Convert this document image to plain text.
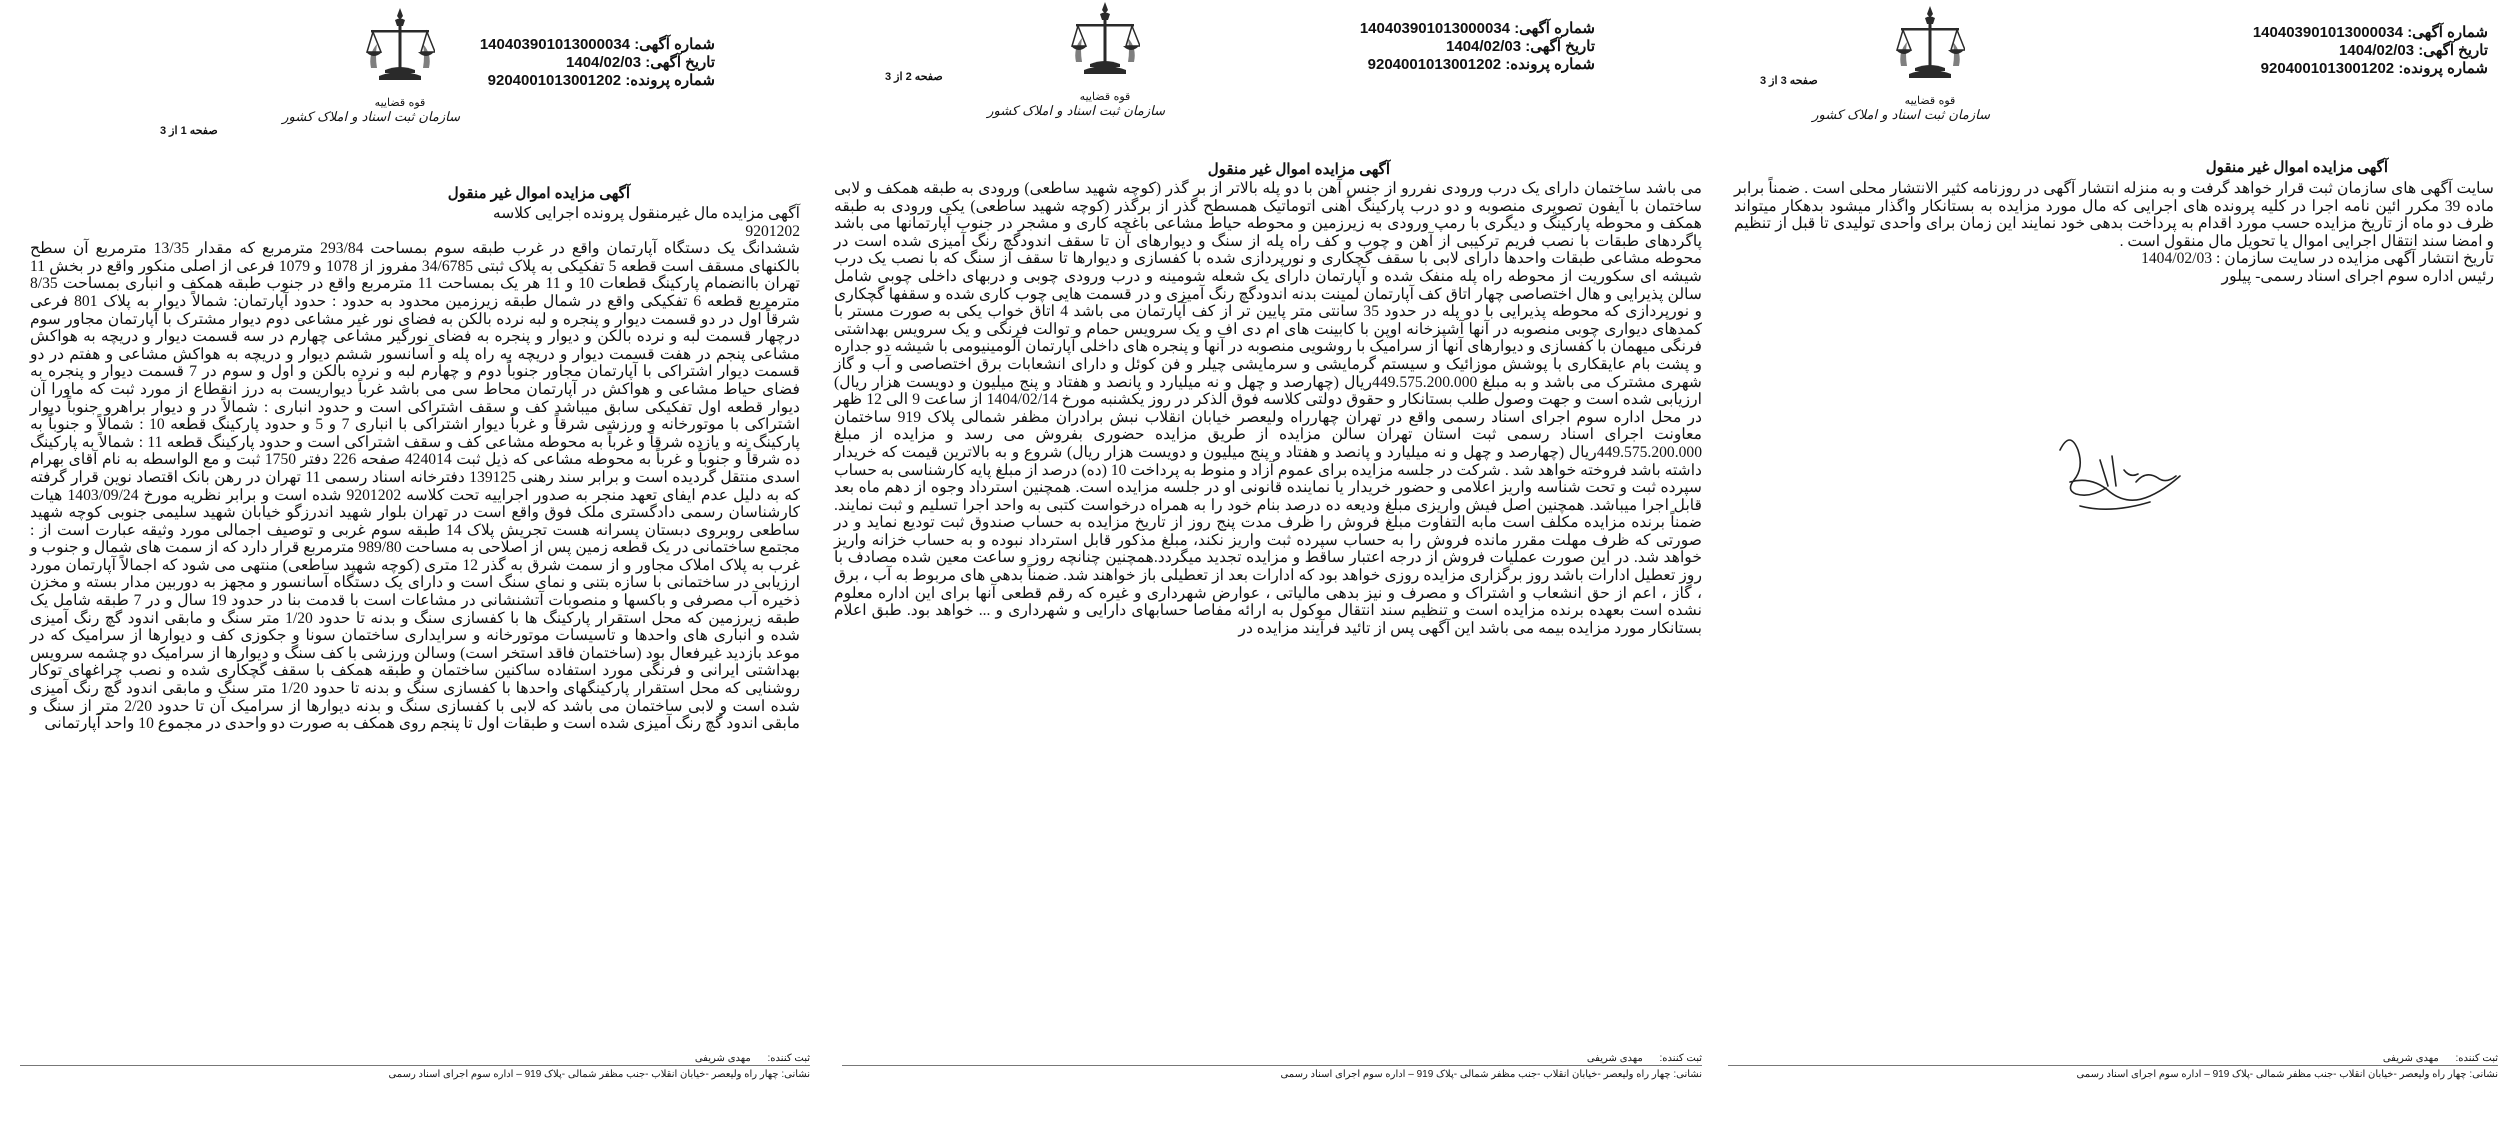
شماره آگهی: 140403901013000034
تاریخ آگهی: 1404/02/03
شماره پرونده: 9204001013001202
صفحه 1 از 3
قوه قضاییه
سازمان ثبت اسناد و املاک کشور
آگهی مزایده اموال غیر منقول

آگهی مزایده مال غیرمنقول پرونده اجرایی کلاسه

9201202

ششدانگ یک دستگاه آپارتمان واقع در غرب طبقه سوم بمساحت 293/84 مترمربع که مقدار 13/35 مترمربع آن سطح بالکنهای مسقف است قطعه 5 تفکیکی به پلاک ثبتی 34/6785 مفروز از 1078 و 1079 فرعی از اصلی منکور واقع در بخش 11 تهران باانضمام پارکینگ قطعات 10 و 11 هر یک بمساحت 11 مترمربع واقع در جنوب طبقه همکف و انباری بمساحت 8/35 مترمربع قطعه 6 تفکیکی واقع در شمال طبقه زیرزمین محدود به حدود : حدود آپارتمان: شمالاً دیوار به پلاک 801 فرعی شرقاً اول در دو قسمت دیوار و پنجره و لبه نرده بالکن به فضای نور غیر مشاعی دوم دیوار مشترک با آپارتمان مجاور سوم درچهار قسمت لبه و نرده بالکن و دیوار و پنجره به فضای نورگیر مشاعی چهارم در سه قسمت دیوار و دریچه به هواکش مشاعی پنجم در هفت قسمت دیوار و دریچه به راه پله و آسانسور ششم دیوار و دریچه به هواکش مشاعی و هفتم در دو قسمت دیوار اشتراکی با آپارتمان مجاور جنوباً دوم و چهارم لبه و نرده بالکن و اول و سوم در 7 قسمت دیوار و پنجره به فضای حیاط مشاعی و هواکش در آپارتمان محاط سی می باشد غرباً دیواریست به درز انقطاع از مورد ثبت که ماورا آن دیوار قطعه اول تفکیکی سابق میباشد کف و سقف اشتراکی است و حدود انباری : شمالاً در و دیوار براهرو جنوباً دیوار اشتراکی با موتورخانه و ورزشی شرقاً و غرباً دیوار اشتراکی با انباری 7 و 5 و حدود پارکینگ قطعه 10 : شمالاً و جنوباً به پارکینگ نه و یازده شرقاً و غرباً به محوطه مشاعی کف و سقف اشتراکی است و حدود پارکینگ قطعه 11 : شمالاً به پارکینگ ده شرقاً و جنوباً و غرباً به محوطه مشاعی که ذیل ثبت 424014 صفحه 226 دفتر 1750 ثبت و مع الواسطه به نام آقای بهرام اسدی منتقل گردیده است و برابر سند رهنی 139125 دفترخانه اسناد رسمی 11 تهران در رهن بانک اقتصاد نوین قرار گرفته که به دلیل عدم ایفای تعهد منجر به صدور اجراییه تحت کلاسه 9201202 شده است و برابر نظریه مورخ 1403/09/24 هیات کارشناسان رسمی دادگستری ملک فوق واقع است در تهران بلوار شهید اندرزگو خیابان شهید سلیمی جنوبی کوچه شهید ساطعی روبروی دبستان پسرانه هست تجریش پلاک 14 طبقه سوم غربی و توصیف اجمالی مورد وثیقه عبارت است از : مجتمع ساختمانی در یک قطعه زمین پس از اصلاحی به مساحت 989/80 مترمربع قرار دارد که از سمت های شمال و جنوب و غرب به پلاک املاک مجاور و از سمت شرق به گذر 12 متری (کوچه شهید ساطعی) منتهی می شود که اجمالاً آپارتمان مورد ارزیابی در ساختمانی با سازه بتنی و نمای سنگ است و دارای یک دستگاه آسانسور و مجهز به دوربین مدار بسته و مخزن ذخیره آب مصرفی و باکسها و منصوبات آتشنشانی در مشاعات است با قدمت بنا در حدود 19 سال و در 7 طبقه شامل یک طبقه زیرزمین که محل استقرار پارکینگ ها با کفسازی سنگ و بدنه تا حدود 1/20 متر سنگ و مابقی اندود گچ رنگ آمیزی شده و انباری های واحدها و تاسیسات موتورخانه و سرایداری ساختمان سونا و جکوزی کف و دیوارها از سرامیک که در موعد بازدید غیرفعال بود (ساختمان فاقد استخر است) وسالن ورزشی با کف سنگ و دیوارها از سرامیک دو چشمه سرویس بهداشتی ایرانی و فرنگی مورد استفاده ساکنین ساختمان و طبقه همکف با سقف گچکاری شده و نصب چراغهای توکار روشنایی که محل استقرار پارکینگهای واحدها با کفسازی سنگ و بدنه تا حدود 1/20 متر سنگ و مابقی اندود گچ رنگ آمیزی شده است و لابی ساختمان می باشد که لابی با کفسازی سنگ و بدنه دیوارها از سرامیک آن تا حدود 2/20 متر از سنگ و مابقی اندود گچ رنگ آمیزی شده است و طبقات اول تا پنجم روی همکف به صورت دو واحدی در مجموع 10 واحد آپارتمانی

ثبت کننده: مهدی شریفی
نشانی: چهار راه ولیعصر -خیابان انقلاب -جنب مظفر شمالی -پلاک 919 – اداره سوم اجرای اسناد رسمی
شماره آگهی: 140403901013000034
تاریخ آگهی: 1404/02/03
شماره پرونده: 9204001013001202
صفحه 2 از 3
قوه قضاییه
سازمان ثبت اسناد و املاک کشور
آگهی مزایده اموال غیر منقول

می باشد ساختمان دارای یک درب ورودی نفررو از جنس آهن با دو پله بالاتر از بر گذر (کوچه شهید ساطعی) ورودی به طبقه همکف و لابی ساختمان با آیفون تصویری منصوبه و دو درب پارکینگ آهنی اتوماتیک همسطح گذر از برگذر (کوچه شهید ساطعی) یکی ورودی به طبقه همکف و محوطه پارکینگ و دیگری با رمپ ورودی به زیرزمین و محوطه حیاط مشاعی باغچه کاری و مشجر در جنوب آپارتمانها می باشد پاگردهای طبقات با نصب فریم ترکیبی از آهن و چوب و کف راه پله از سنگ و دیوارهای آن تا سقف اندودگچ رنگ آمیزی شده است در محوطه مشاعی طبقات واحدها دارای لابی با سقف گچکاری و نورپردازی شده با کفسازی و دیوارها تا سقف از سنگ که با نصب یک درب شیشه ای سکوریت از محوطه راه پله منفک شده و آپارتمان دارای یک شعله شومینه و درب ورودی چوبی و دربهای داخلی چوبی شامل سالن پذیرایی و هال اختصاصی چهار اتاق کف آپارتمان لمینت بدنه اندودگچ رنگ آمیزی و در قسمت هایی چوب کاری شده و سقفها گچکاری و نورپردازی که محوطه پذیرایی با دو پله در حدود 35 سانتی متر پایین تر از کف آپارتمان می باشد 4 اتاق خواب یکی به صورت مستر با کمدهای دیواری چوبی منصوبه در آنها آشپزخانه اوپن با کابینت های ام دی اف و یک سرویس حمام و توالت فرنگی و یک سرویس بهداشتی فرنگی میهمان با کفسازی و دیوارهای آنها از سرامیک با روشویی منصوبه در آنها و پنجره های داخلی آپارتمان آلومینیومی با شیشه دو جداره و پشت بام عایقکاری با پوشش موزائیک و سیستم گرمایشی و سرمایشی چیلر و فن کوئل و دارای انشعابات برق اختصاصی و آب و گاز شهری مشترک می باشد و به مبلغ 449.575.200.000ریال (چهارصد و چهل و نه میلیارد و پانصد و هفتاد و پنج میلیون و دویست هزار ریال) ارزیابی شده است و جهت وصول طلب بستانکار و حقوق دولتی کلاسه فوق الذکر در روز یکشنبه مورخ 1404/02/14 از ساعت 9 الی 12 ظهر در محل اداره سوم اجرای اسناد رسمی واقع در تهران چهارراه ولیعصر خیابان انقلاب نبش برادران مظفر شمالی پلاک 919 ساختمان معاونت اجرای اسناد رسمی ثبت استان تهران سالن مزایده از طریق مزایده حضوری بفروش می رسد و مزایده از مبلغ 449.575.200.000ریال (چهارصد و چهل و نه میلیارد و پانصد و هفتاد و پنج میلیون و دویست هزار ریال) شروع و به بالاترین قیمت که خریدار داشته باشد فروخته خواهد شد . شرکت در جلسه مزایده برای عموم آزاد و منوط به پرداخت 10 (ده) درصد از مبلغ پایه کارشناسی به حساب سپرده ثبت و تحت شناسه واریز اعلامی و حضور خریدار یا نماینده قانونی او در جلسه مزایده است. همچنین استرداد وجوه از دهم ماه بعد قابل اجرا میباشد. همچنین اصل فیش واریزی مبلغ ودیعه ده درصد بنام خود را به همراه درخواست کتبی به واحد اجرا تسلیم و ثبت نمایند. ضمناً برنده مزایده مکلف است مابه التفاوت مبلغ فروش را ظرف مدت پنج روز از تاریخ مزایده به حساب صندوق ثبت تودیع نماید و در صورتی که ظرف مهلت مقرر مانده فروش را به حساب سپرده ثبت واریز نکند، مبلغ مذکور قابل استرداد نبوده و به حساب خزانه واریز خواهد شد. در این صورت عملیات فروش از درجه اعتبار ساقط و مزایده تجدید میگردد.همچنین چنانچه روز و ساعت معین شده مصادف با روز تعطیل ادارات باشد روز برگزاری مزایده روزی خواهد بود که ادارات بعد از تعطیلی باز خواهند شد. ضمناً بدهی های مربوط به آب ، برق ، گاز ، اعم از حق انشعاب و اشتراک و مصرف و نیز بدهی مالیاتی ، عوارض شهرداری و غیره که رقم قطعی آنها برای این اداره معلوم نشده است بعهده برنده مزایده است و تنظیم سند انتقال موکول به ارائه مفاصا حسابهای دارایی و شهرداری و ... خواهد بود. طبق اعلام بستانکار مورد مزایده بیمه می باشد این آگهی پس از تائید فرآیند مزایده در

ثبت کننده: مهدی شریفی
نشانی: چهار راه ولیعصر -خیابان انقلاب -جنب مظفر شمالی -پلاک 919 – اداره سوم اجرای اسناد رسمی
شماره آگهی: 140403901013000034
تاریخ آگهی: 1404/02/03
شماره پرونده: 9204001013001202
صفحه 3 از 3
قوه قضاییه
سازمان ثبت اسناد و املاک کشور
آگهی مزایده اموال غیر منقول

سایت آگهی های سازمان ثبت قرار خواهد گرفت و به منزله انتشار آگهی در روزنامه کثیر الانتشار محلی است . ضمناً برابر ماده 39 مکرر ائین نامه اجرا در کلیه پرونده های اجرایی که مال مورد مزایده به بستانکار واگذار میشود بدهکار میتواند ظرف دو ماه از تاریخ مزایده حسب مورد اقدام به پرداخت بدهی خود نمایند این زمان برای واحدی تولیدی تا قبل از تنظیم و امضا سند انتقال اجرایی اموال یا تحویل مال منقول است .

تاریخ انتشار آگهی مزایده در سایت سازمان : 1404/02/03

رئیس اداره سوم اجرای اسناد رسمی- پیلور

ثبت کننده: مهدی شریفی
نشانی: چهار راه ولیعصر -خیابان انقلاب -جنب مظفر شمالی -پلاک 919 – اداره سوم اجرای اسناد رسمی
